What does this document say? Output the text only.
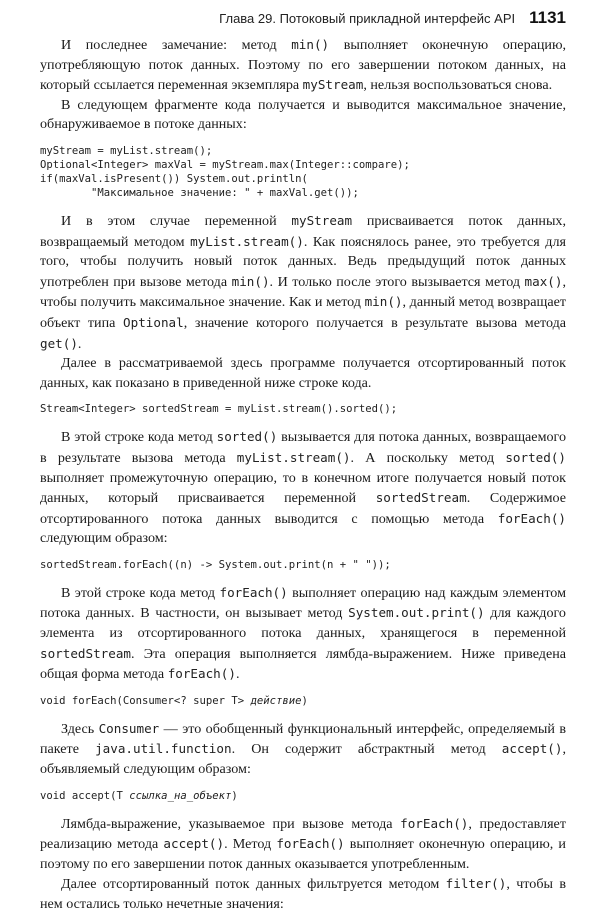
Глава 29. Потоковый прикладной интерфейс API 1131

И последнее замечание: метод min() выполняет оконечную операцию, употребляющую поток данных. Поэтому по его завершении потоком данных, на который ссылается переменная экземпляра myStream, нельзя воспользоваться снова.

В следующем фрагменте кода получается и выводится максимальное значение, обнаруживаемое в потоке данных:

myStream = myList.stream();
Optional<Integer> maxVal = myStream.max(Integer::compare);
if(maxVal.isPresent()) System.out.println(
"Максимальное значение: " + maxVal.get());

И в этом случае переменной myStream присваивается поток данных, возвращаемый методом myList.stream(). Как пояснялось ранее, это требуется для того, чтобы получить новый поток данных. Ведь предыдущий поток данных употреблен при вызове метода min(). И только после этого вызывается метод max(), чтобы получить максимальное значение. Как и метод min(), данный метод возвращает объект типа Optional, значение которого получается в результате вызова метода get().

Далее в рассматриваемой здесь программе получается отсортированный поток данных, как показано в приведенной ниже строке кода.

Stream<Integer> sortedStream = myList.stream().sorted();

В этой строке кода метод sorted() вызывается для потока данных, возвращаемого в результате вызова метода myList.stream(). А поскольку метод sorted() выполняет промежуточную операцию, то в конечном итоге получается новый поток данных, который присваивается переменной sortedStream. Содержимое отсортированного потока данных выводится с помощью метода forEach() следующим образом:

sortedStream.forEach((n) -> System.out.print(n + " "));

В этой строке кода метод forEach() выполняет операцию над каждым элементом потока данных. В частности, он вызывает метод System.out.print() для каждого элемента из отсортированного потока данных, хранящегося в переменной sortedStream. Эта операция выполняется лямбда-выражением. Ниже приведена общая форма метода forEach().

void forEach(Consumer<? super T> действие)

Здесь Consumer — это обобщенный функциональный интерфейс, определяемый в пакете java.util.function. Он содержит абстрактный метод accept(), объявляемый следующим образом:

void accept(T ссылка_на_объект)

Лямбда-выражение, указываемое при вызове метода forEach(), предоставляет реализацию метода accept(). Метод forEach() выполняет оконечную операцию, и поэтому по его завершении поток данных оказывается употребленным.

Далее отсортированный поток данных фильтруется методом filter(), чтобы в нем остались только нечетные значения:
